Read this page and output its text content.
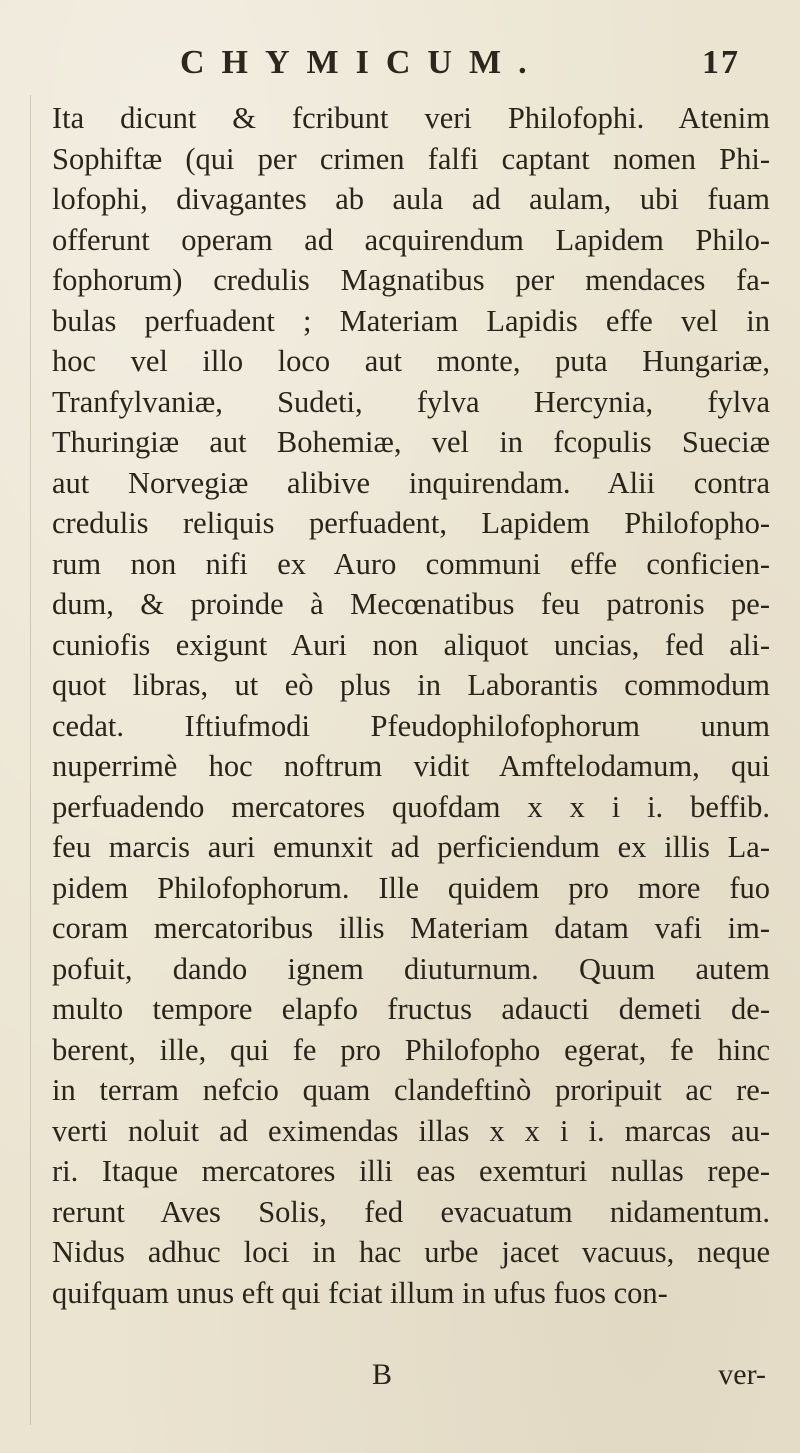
CHYMICUM.	17
Ita dicunt & fcribunt veri Philofophi. Atenim
Sophiftæ (qui per crimen falfi captant nomen Phi-
lofophi, divagantes ab aula ad aulam, ubi fuam
offerunt operam ad acquirendum Lapidem Philo-
fophorum) credulis Magnatibus per mendaces fa-
bulas perfuadent ; Materiam Lapidis effe vel in
hoc vel illo loco aut monte, puta Hungariæ,
Tranfylvaniæ, Sudeti, fylva Hercynia, fylva
Thuringiæ aut Bohemiæ, vel in fcopulis Sueciæ
aut Norvegiæ alibive inquirendam. Alii contra
credulis reliquis perfuadent, Lapidem Philofopho-
rum non nifi ex Auro communi effe conficien-
dum, & proinde à Mecœnatibus feu patronis pe-
cuniofis exigunt Auri non aliquot uncias, fed ali-
quot libras, ut eò plus in Laborantis commodum
cedat. Iftiufmodi Pfeudophilofophorum unum
nuperrimè hoc noftrum vidit Amftelodamum, qui
perfuadendo mercatores quofdam x x i i. beffib.
feu marcis auri emunxit ad perficiendum ex illis La-
pidem Philofophorum. Ille quidem pro more fuo
coram mercatoribus illis Materiam datam vafi im-
pofuit, dando ignem diuturnum. Quum autem
multo tempore elapfo fructus adaucti demeti de-
berent, ille, qui fe pro Philofopho egerat, fe hinc
in terram nefcio quam clandeftinò proripuit ac re-
verti noluit ad eximendas illas x x i i. marcas au-
ri. Itaque mercatores illi eas exemturi nullas repe-
rerunt Aves Solis, fed evacuatum nidamentum.
Nidus adhuc loci in hac urbe jacet vacuus, neque
quifquam unus eft qui fciat illum in ufus fuos con-
B	ver-
